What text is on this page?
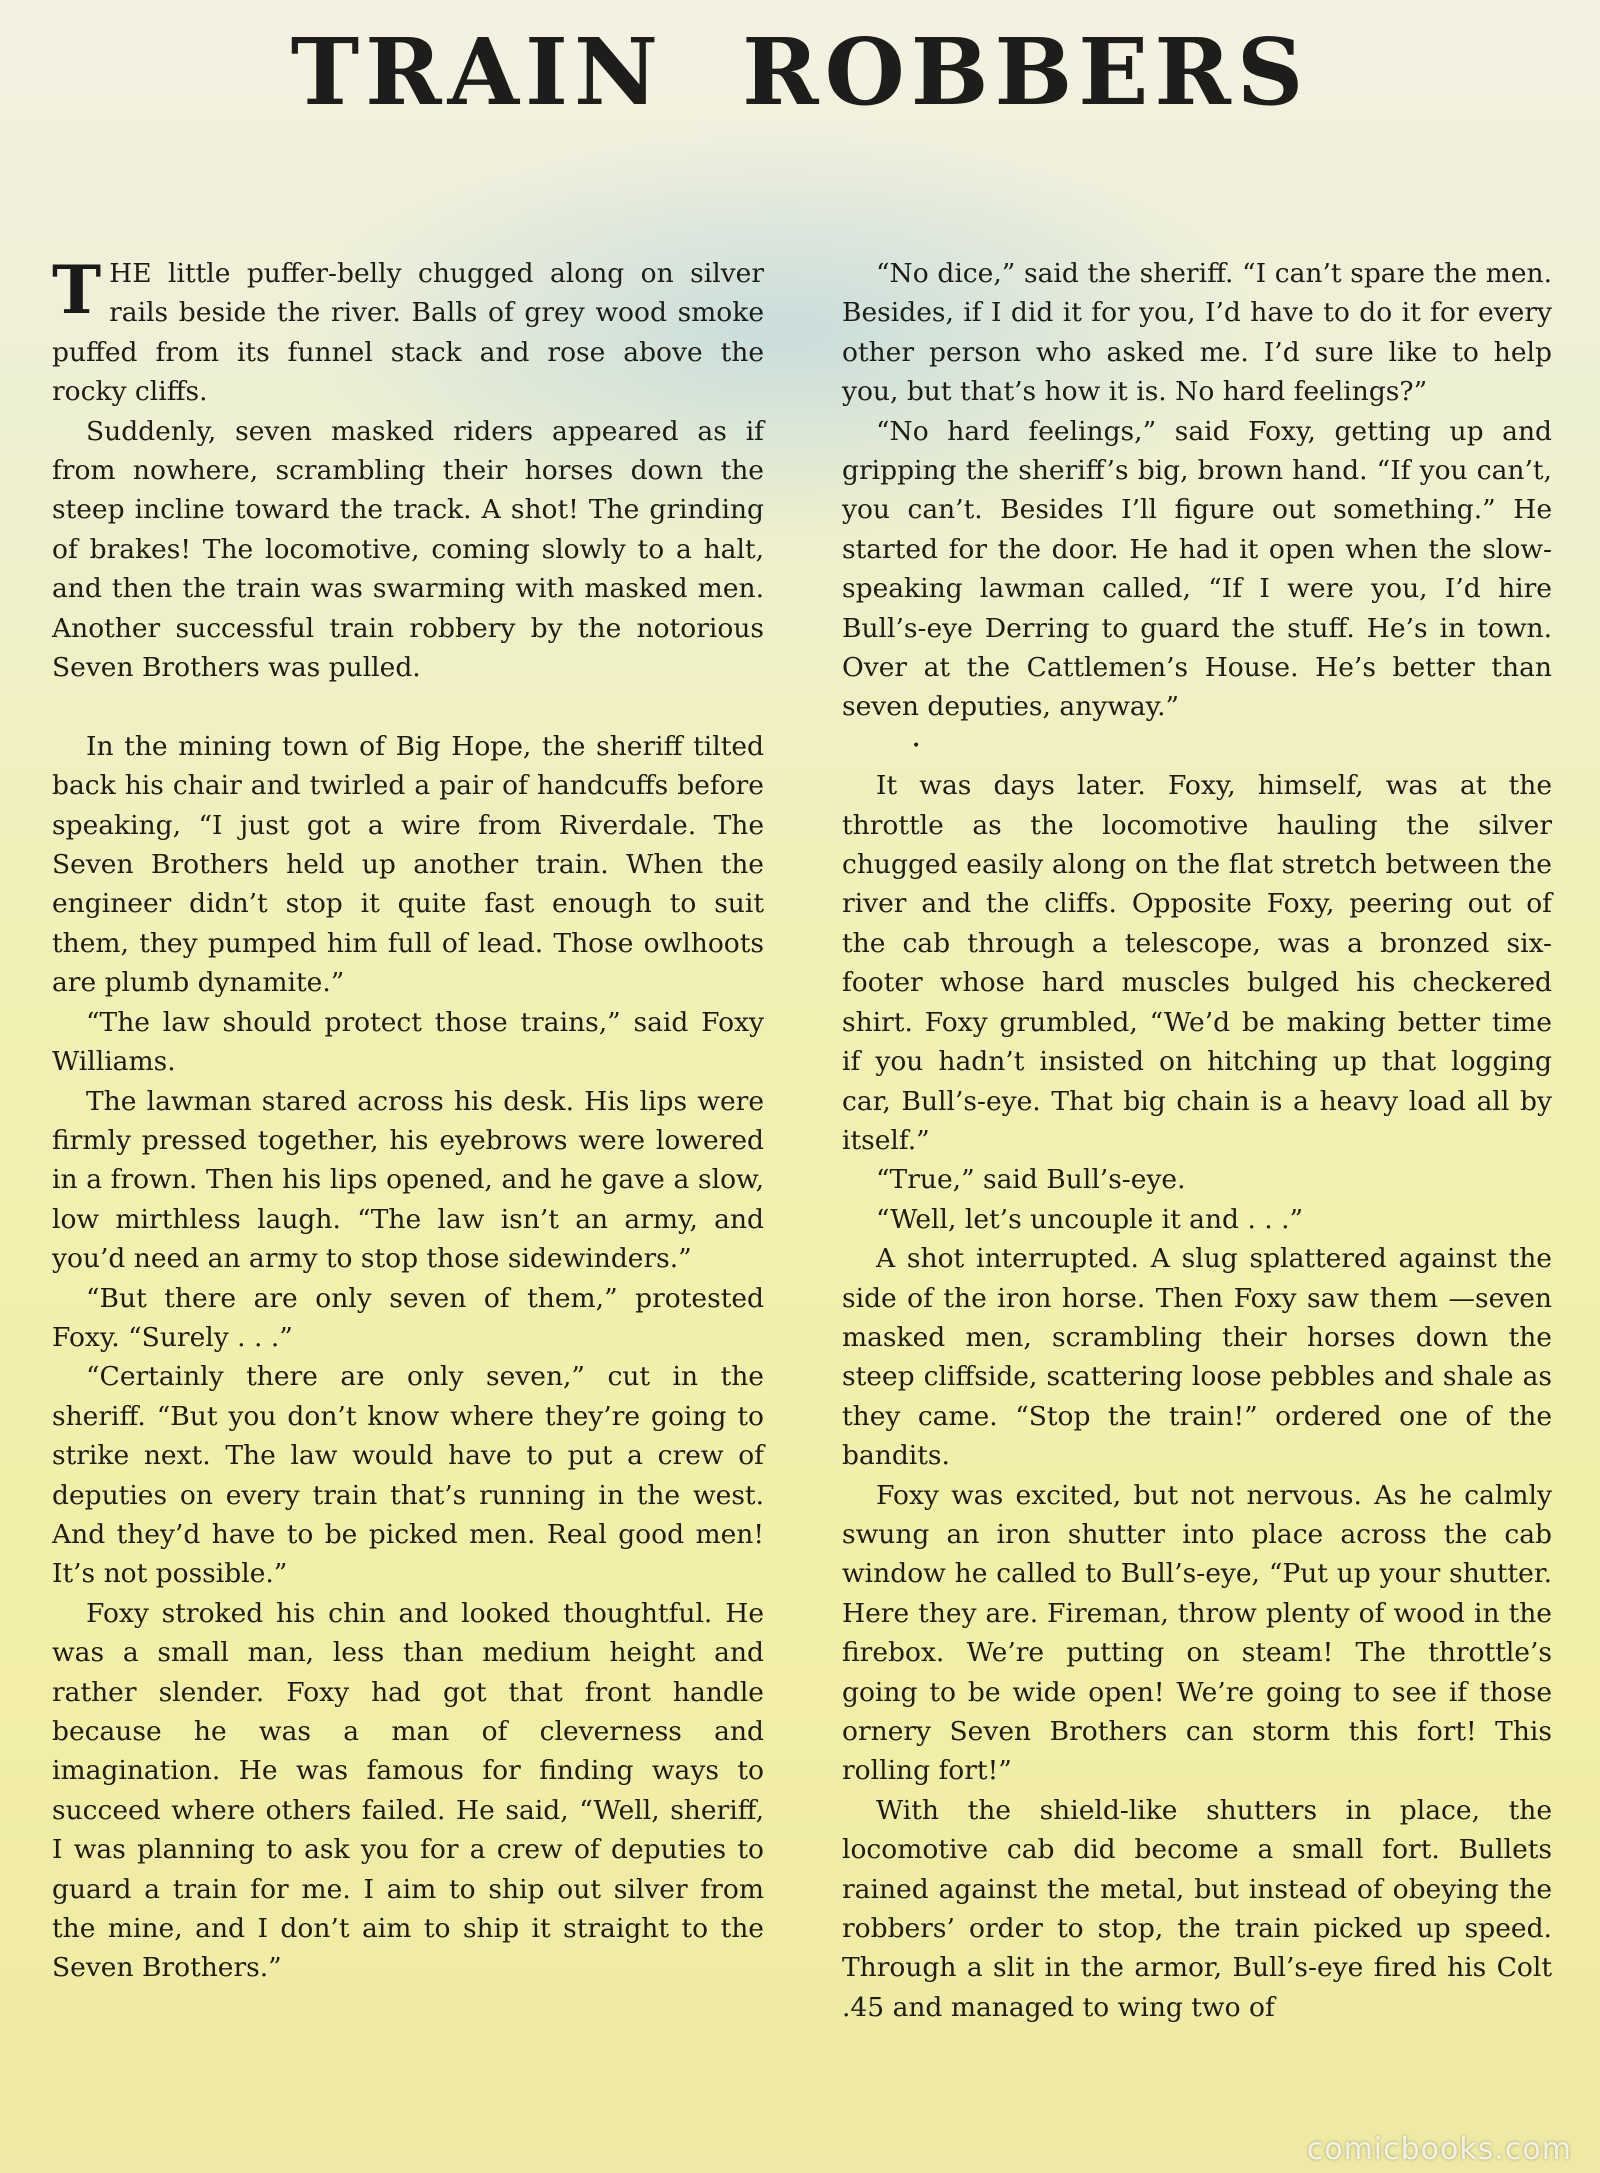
TRAIN ROBBERS

THE little puffer-belly chugged along on silver rails beside the river. Balls of grey wood smoke puffed from its funnel stack and rose above the rocky cliffs.

Suddenly, seven masked riders appeared as if from nowhere, scrambling their horses down the steep incline toward the track. A shot! The grinding of brakes! The locomotive, coming slowly to a halt, and then the train was swarming with masked men. Another successful train robbery by the notorious Seven Brothers was pulled.

In the mining town of Big Hope, the sheriff tilted back his chair and twirled a pair of handcuffs before speaking, “I just got a wire from Riverdale. The Seven Brothers held up another train. When the engineer didn’t stop it quite fast enough to suit them, they pumped him full of lead. Those owlhoots are plumb dynamite.”

“The law should protect those trains,” said Foxy Williams.

The lawman stared across his desk. His lips were firmly pressed together, his eyebrows were lowered in a frown. Then his lips opened, and he gave a slow, low mirthless laugh. “The law isn’t an army, and you’d need an army to stop those sidewinders.”

“But there are only seven of them,” protested Foxy. “Surely . . .”

“Certainly there are only seven,” cut in the sheriff. “But you don’t know where they’re going to strike next. The law would have to put a crew of deputies on every train that’s running in the west. And they’d have to be picked men. Real good men! It’s not possible.”

Foxy stroked his chin and looked thoughtful. He was a small man, less than medium height and rather slender. Foxy had got that front handle because he was a man of cleverness and imagination. He was famous for finding ways to succeed where others failed. He said, “Well, sheriff, I was planning to ask you for a crew of deputies to guard a train for me. I aim to ship out silver from the mine, and I don’t aim to ship it straight to the Seven Brothers.”

“No dice,” said the sheriff. “I can’t spare the men. Besides, if I did it for you, I’d have to do it for every other person who asked me. I’d sure like to help you, but that’s how it is. No hard feelings?”

“No hard feelings,” said Foxy, getting up and gripping the sheriff’s big, brown hand. “If you can’t, you can’t. Besides I’ll figure out something.” He started for the door. He had it open when the slow-speaking lawman called, “If I were you, I’d hire Bull’s-eye Derring to guard the stuff. He’s in town. Over at the Cattlemen’s House. He’s better than seven deputies, anyway.”

•

It was days later. Foxy, himself, was at the throttle as the locomotive hauling the silver chugged easily along on the flat stretch between the river and the cliffs. Opposite Foxy, peering out of the cab through a telescope, was a bronzed six-footer whose hard muscles bulged his checkered shirt. Foxy grumbled, “We’d be making better time if you hadn’t insisted on hitching up that logging car, Bull’s-eye. That big chain is a heavy load all by itself.”

“True,” said Bull’s-eye.

“Well, let’s uncouple it and . . .”

A shot interrupted. A slug splattered against the side of the iron horse. Then Foxy saw them —seven masked men, scrambling their horses down the steep cliffside, scattering loose pebbles and shale as they came. “Stop the train!” ordered one of the bandits.

Foxy was excited, but not nervous. As he calmly swung an iron shutter into place across the cab window he called to Bull’s-eye, “Put up your shutter. Here they are. Fireman, throw plenty of wood in the firebox. We’re putting on steam! The throttle’s going to be wide open! We’re going to see if those ornery Seven Brothers can storm this fort! This rolling fort!”

With the shield-like shutters in place, the locomotive cab did become a small fort. Bullets rained against the metal, but instead of obeying the robbers’ order to stop, the train picked up speed. Through a slit in the armor, Bull’s-eye fired his Colt .45 and managed to wing two of

comicbooks.com
